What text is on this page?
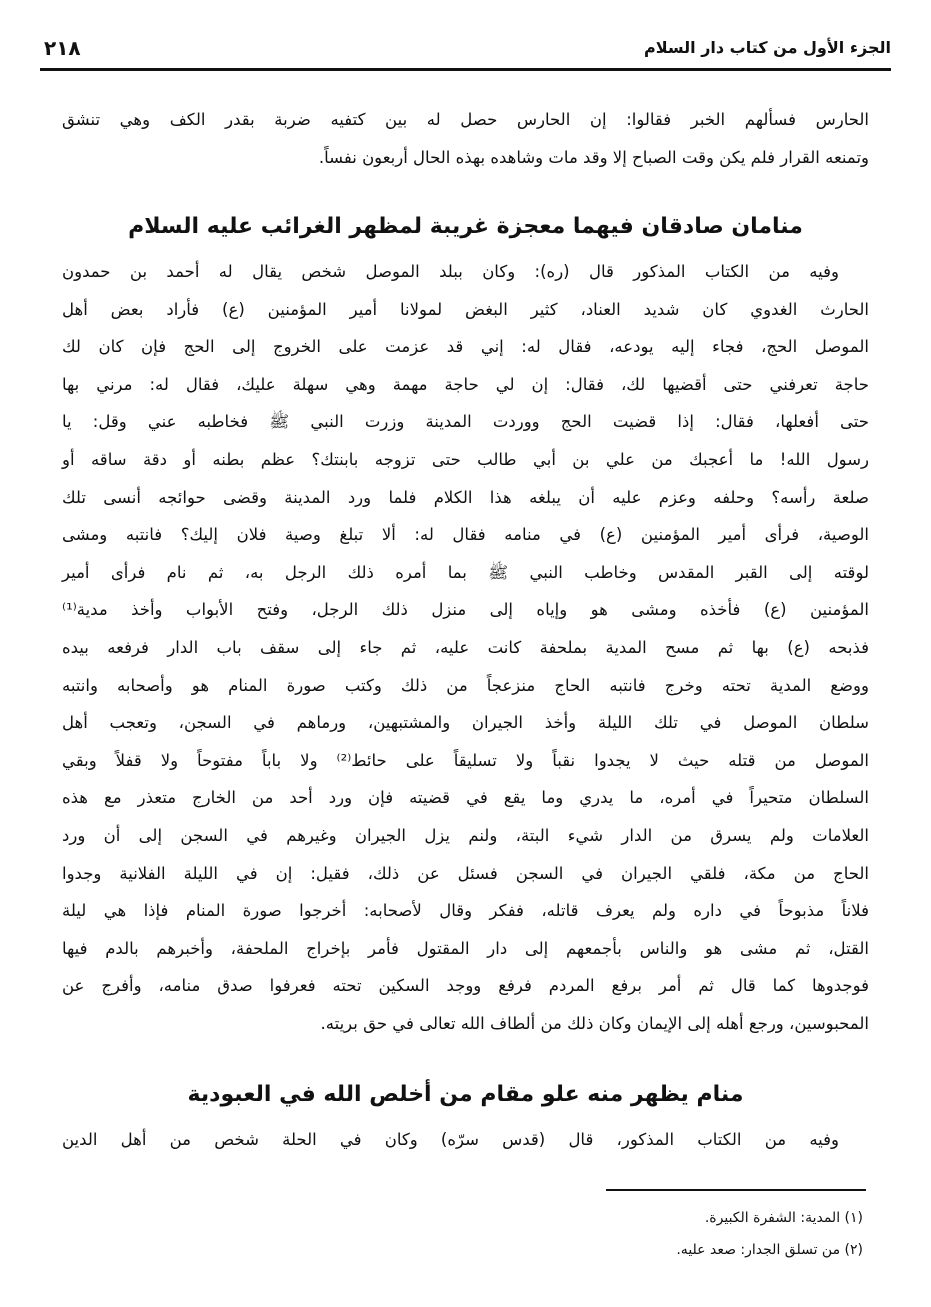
٢١٨	الجزء الأول من كتاب دار السلام
الحارس فسألهم الخبر فقالوا: إن الحارس حصل له بين كتفيه ضربة بقدر الكف وهي تنشق
وتمنعه القرار فلم يكن وقت الصباح إلا وقد مات وشاهده بهذه الحال أربعون نفساً.
منامان صادقان فيهما معجزة غريبة لمظهر الغرائب عليه السلام
وفيه من الكتاب المذكور قال (ره): وكان ببلد الموصل شخص يقال له أحمد بن حمدون
الحارث الغدوي كان شديد العناد، كثير البغض لمولانا أمير المؤمنين (ع) فأراد بعض أهل
الموصل الحج، فجاء إليه يودعه، فقال له: إني قد عزمت على الخروج إلى الحج فإن كان لك
حاجة تعرفني حتى أقضيها لك، فقال: إن لي حاجة مهمة وهي سهلة عليك، فقال له: مرني بها
حتى أفعلها، فقال: إذا قضيت الحج ووردت المدينة وزرت النبي ﷺ فخاطبه عني وقل: يا
رسول الله! ما أعجبك من علي بن أبي طالب حتى تزوجه بابنتك؟ عظم بطنه أو دقة ساقه أو
صلعة رأسه؟ وحلفه وعزم عليه أن يبلغه هذا الكلام فلما ورد المدينة وقضى حوائجه أنسى تلك
الوصية، فرأى أمير المؤمنين (ع) في منامه فقال له: ألا تبلغ وصية فلان إليك؟ فانتبه ومشى
لوقته إلى القبر المقدس وخاطب النبي ﷺ بما أمره ذلك الرجل به، ثم نام فرأى أمير
المؤمنين (ع) فأخذه ومشى هو وإياه إلى منزل ذلك الرجل، وفتح الأبواب وأخذ مدية⁽¹⁾
فذبحه (ع) بها ثم مسح المدية بملحفة كانت عليه، ثم جاء إلى سقف باب الدار فرفعه بيده
ووضع المدية تحته وخرج فانتبه الحاج منزعجاً من ذلك وكتب صورة المنام هو وأصحابه وانتبه
سلطان الموصل في تلك الليلة وأخذ الجيران والمشتبهين، ورماهم في السجن، وتعجب أهل
الموصل من قتله حيث لا يجدوا نقباً ولا تسليقاً على حائط⁽²⁾ ولا باباً مفتوحاً ولا قفلاً وبقي
السلطان متحيراً في أمره، ما يدري وما يقع في قضيته فإن ورد أحد من الخارج متعذر مع هذه
العلامات ولم يسرق من الدار شيء البتة، ولنم يزل الجيران وغيرهم في السجن إلى أن ورد
الحاج من مكة، فلقي الجيران في السجن فسئل عن ذلك، فقيل: إن في الليلة الفلانية وجدوا
فلاناً مذبوحاً في داره ولم يعرف قاتله، ففكر وقال لأصحابه: أخرجوا صورة المنام فإذا هي ليلة
القتل، ثم مشى هو والناس بأجمعهم إلى دار المقتول فأمر بإخراج الملحفة، وأخبرهم بالدم فيها
فوجدوها كما قال ثم أمر برفع المردم فرفع ووجد السكين تحته فعرفوا صدق منامه، وأفرج عن
المحبوسين، ورجع أهله إلى الإيمان وكان ذلك من ألطاف الله تعالى في حق بريته.
منام يظهر منه علو مقام من أخلص الله في العبودية
وفيه من الكتاب المذكور، قال (قدس سرّه) وكان في الحلة شخص من أهل الدين
(١) المدية: الشفرة الكبيرة.
(٢) من تسلق الجدار: صعد عليه.
